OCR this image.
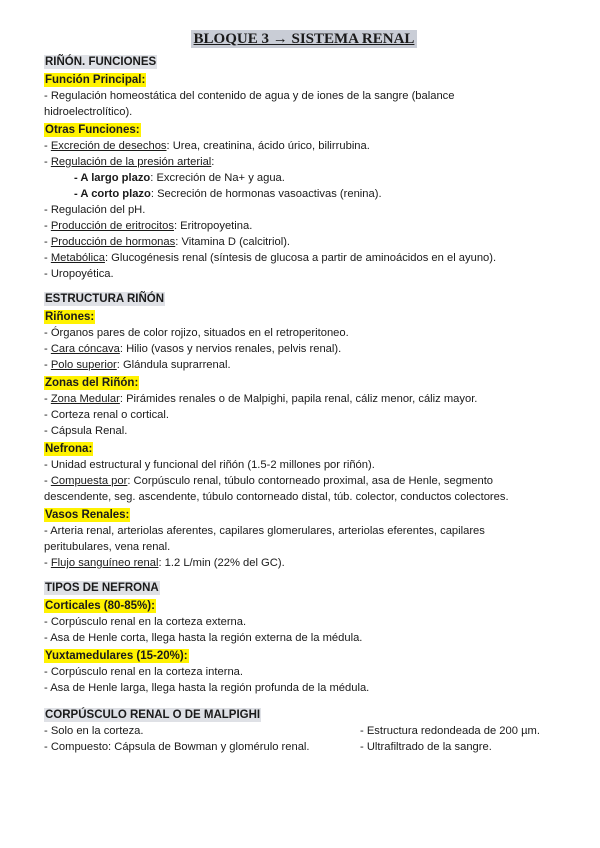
BLOQUE 3 → SISTEMA RENAL
RIÑÓN. FUNCIONES
Función Principal:
- Regulación homeostática del contenido de agua y de iones de la sangre (balance
hidroelectrolítico).
Otras Funciones:
- Excreción de desechos: Urea, creatinina, ácido úrico, bilirrubina.
- Regulación de la presión arterial:
- A largo plazo: Excreción de Na+ y agua.
- A corto plazo: Secreción de hormonas vasoactivas (renina).
- Regulación del pH.
- Producción de eritrocitos: Eritropoyetina.
- Producción de hormonas: Vitamina D (calcitriol).
- Metabólica: Glucogénesis renal (síntesis de glucosa a partir de aminoácidos en el ayuno).
- Uropoyética.
ESTRUCTURA RIÑÓN
Riñones:
- Órganos pares de color rojizo, situados en el retroperitoneo.
- Cara cóncava: Hilio (vasos y nervios renales, pelvis renal).
- Polo superior: Glándula suprarrenal.
Zonas del Riñón:
- Zona Medular: Pirámides renales o de Malpighi, papila renal, cáliz menor, cáliz mayor.
- Corteza renal o cortical.
- Cápsula Renal.
Nefrona:
- Unidad estructural y funcional del riñón (1.5-2 millones por riñón).
- Compuesta por: Corpúsculo renal, túbulo contorneado proximal, asa de Henle, segmento
descendente, seg. ascendente, túbulo contorneado distal, túb. colector, conductos colectores.
Vasos Renales:
- Arteria renal, arteriolas aferentes, capilares glomerulares, arteriolas eferentes, capilares
peritubulares, vena renal.
- Flujo sanguíneo renal: 1.2 L/min (22% del GC).
TIPOS DE NEFRONA
Corticales (80-85%):
- Corpúsculo renal en la corteza externa.
- Asa de Henle corta, llega hasta la región externa de la médula.
Yuxtamedulares (15-20%):
- Corpúsculo renal en la corteza interna.
- Asa de Henle larga, llega hasta la región profunda de la médula.
CORPÚSCULO RENAL O DE MALPIGHI
- Solo en la corteza.
- Compuesto: Cápsula de Bowman y glomérulo renal.
- Estructura redondeada de 200 µm.
- Ultrafiltrado de la sangre.
